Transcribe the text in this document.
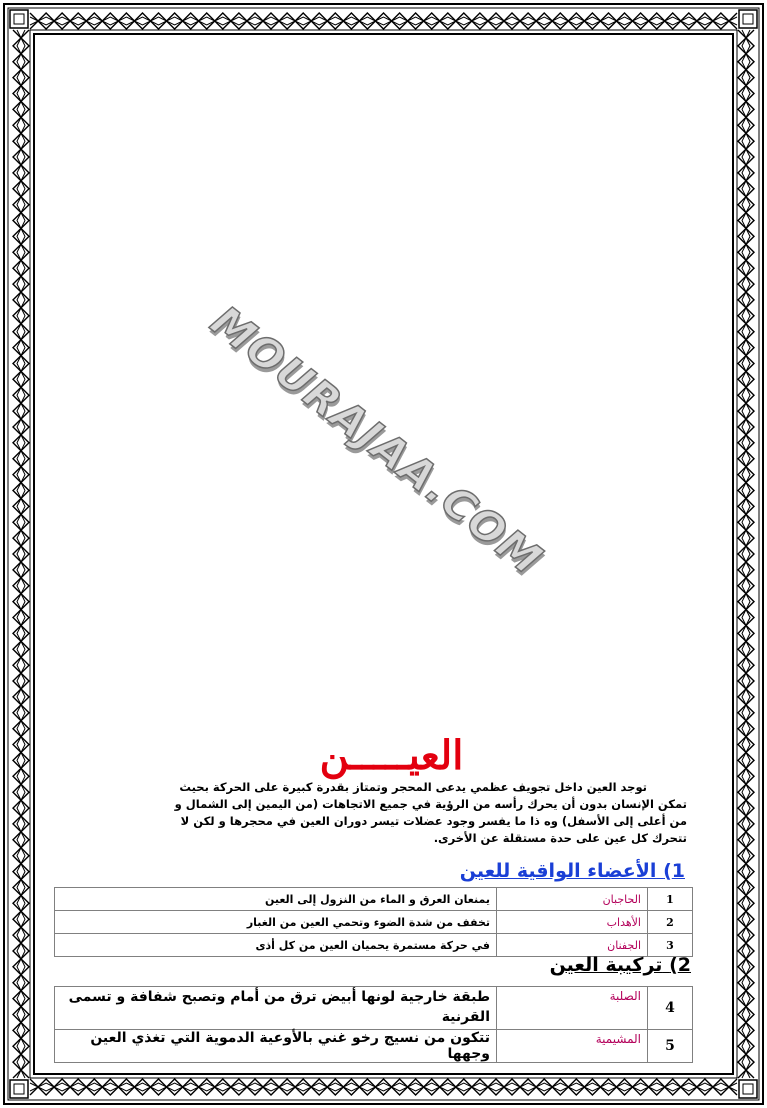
MOURAJAA.COM
العيـــــن

توجد العين داخل تجويف عظمي يدعى المحجر وتمتاز بقدرة كبيرة على الحركة بحيث

تمكن الإنسان بدون أن يحرك رأسه من الرؤية في جميع الاتجاهات (من اليمين إلى الشمال و

من أعلى إلى الأسفل) وه ذا ما يفسر وجود عضلات تيسر دوران العين في محجرها و لكن لا

تتحرك كل عين على حدة مستقلة عن الأخرى.

1) الأعضاء الواقية للعين
1	الحاجبان	يمنعان العرق و الماء من النزول إلى العين
2	الأهداب	تخفف من شدة الضوء وتحمي العين من الغبار
3	الجفنان	في حركة مستمرة يحميان العين من كل أذى
2) تركيبة العين
4	الصلبة	طبقة خارجية لونها أبيض ترق من أمام وتصبح شفافة و تسمى القرنية
5	المشيمية	تتكون من نسيج رخو غني بالأوعية الدموية التي تغذي العين وجهها
